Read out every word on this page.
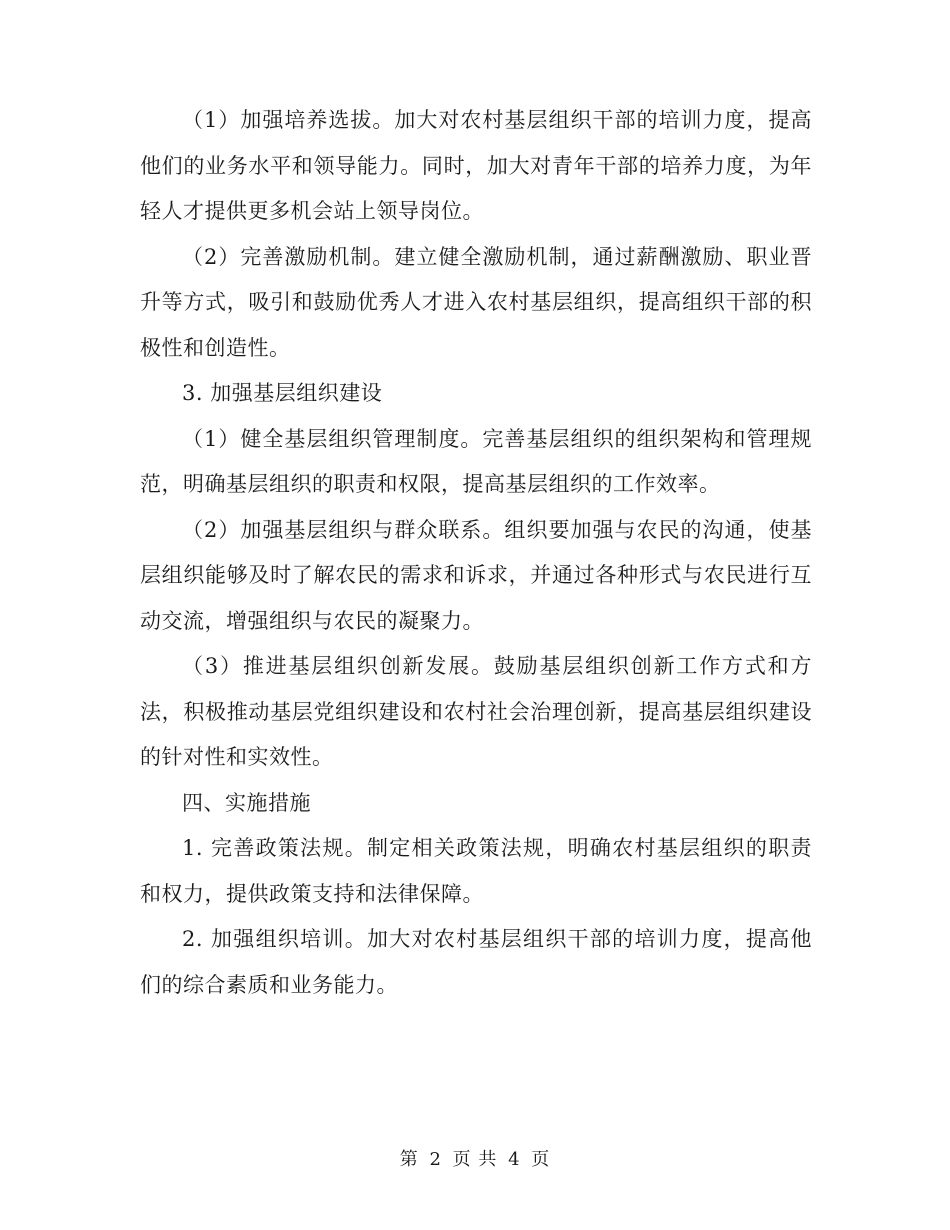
（1）加强培养选拔。加大对农村基层组织干部的培训力度，提高他们的业务水平和领导能力。同时，加大对青年干部的培养力度，为年轻人才提供更多机会站上领导岗位。

（2）完善激励机制。建立健全激励机制，通过薪酬激励、职业晋升等方式，吸引和鼓励优秀人才进入农村基层组织，提高组织干部的积极性和创造性。

3. 加强基层组织建设

（1）健全基层组织管理制度。完善基层组织的组织架构和管理规范，明确基层组织的职责和权限，提高基层组织的工作效率。

（2）加强基层组织与群众联系。组织要加强与农民的沟通，使基层组织能够及时了解农民的需求和诉求，并通过各种形式与农民进行互动交流，增强组织与农民的凝聚力。

（3）推进基层组织创新发展。鼓励基层组织创新工作方式和方法，积极推动基层党组织建设和农村社会治理创新，提高基层组织建设的针对性和实效性。

四、实施措施

1. 完善政策法规。制定相关政策法规，明确农村基层组织的职责和权力，提供政策支持和法律保障。

2. 加强组织培训。加大对农村基层组织干部的培训力度，提高他们的综合素质和业务能力。

第 2 页 共 4 页
